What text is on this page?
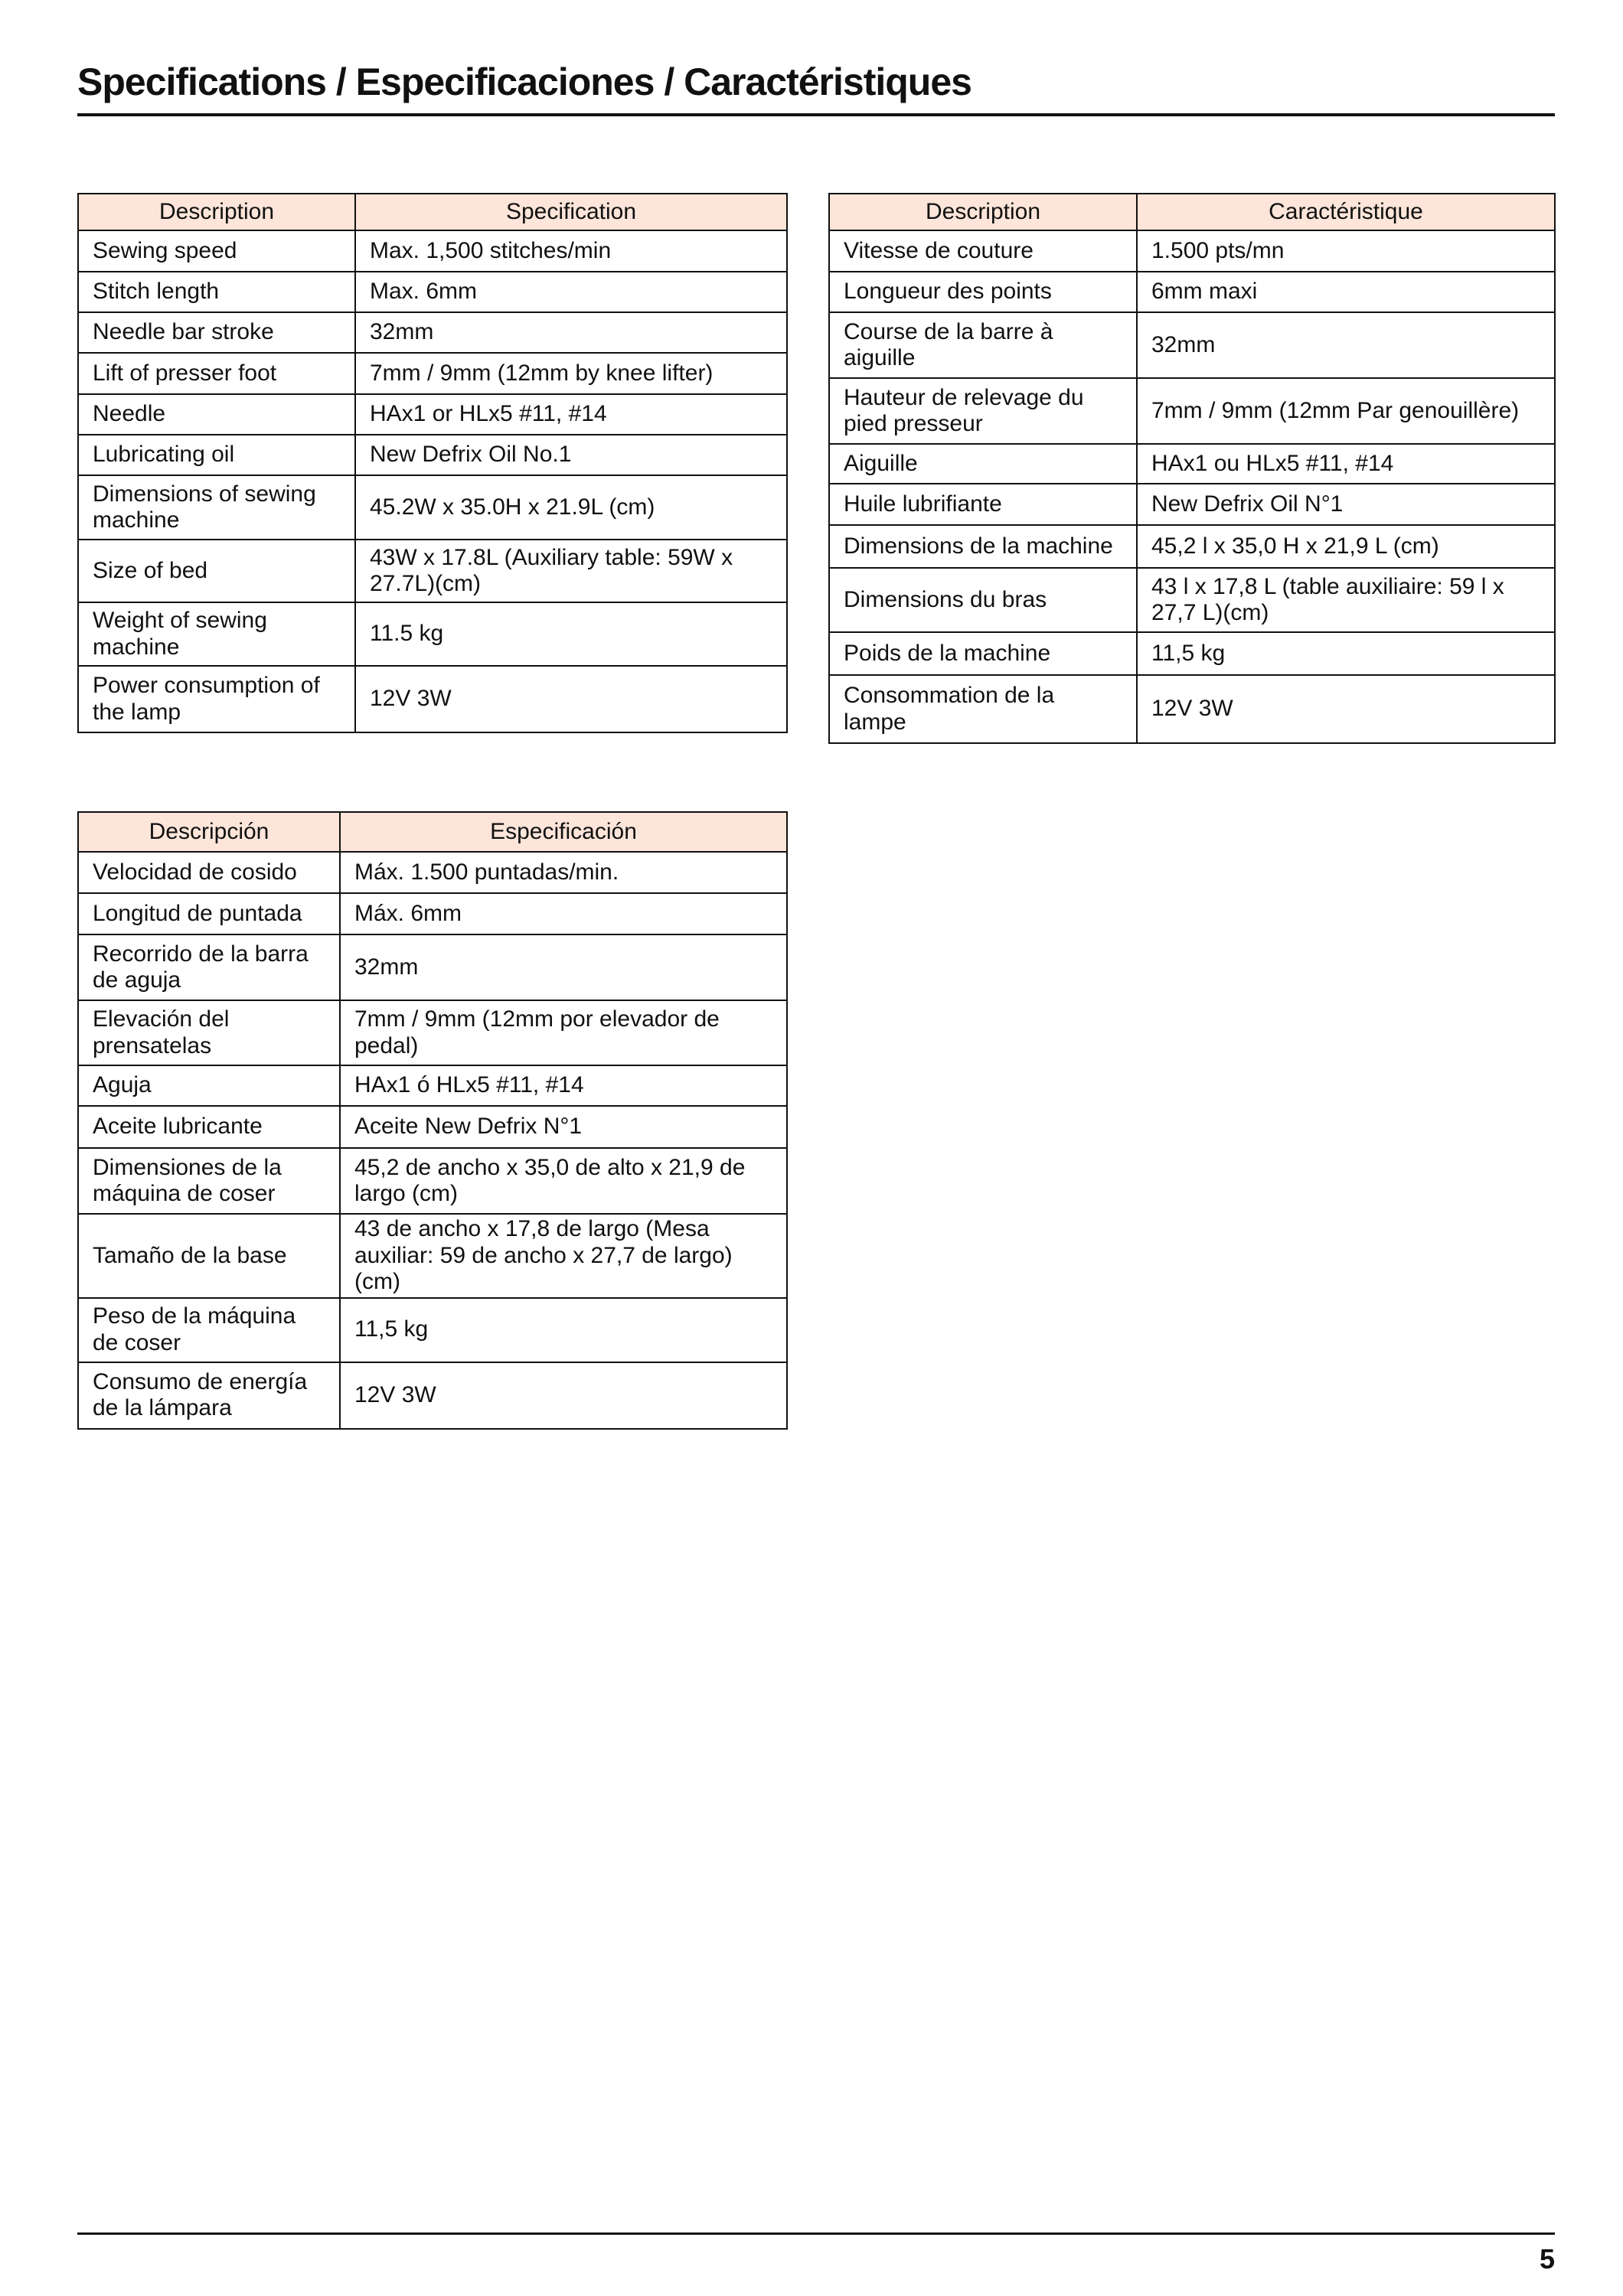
Specifications / Especificaciones / Caractéristiques
Description	Specification
Sewing speed	Max. 1,500 stitches/min
Stitch length	Max. 6mm
Needle bar stroke	32mm
Lift of presser foot	7mm / 9mm (12mm by knee lifter)
Needle	HAx1 or HLx5 #11, #14
Lubricating oil	New Defrix Oil No.1
Dimensions of sewing machine	45.2W x 35.0H x 21.9L (cm)
Size of bed	43W x 17.8L (Auxiliary table: 59W x 27.7L)(cm)
Weight of sewing machine	11.5 kg
Power consumption of the lamp	12V 3W
Description	Caractéristique
Vitesse de couture	1.500 pts/mn
Longueur des points	6mm maxi
Course de la barre à aiguille	32mm
Hauteur de relevage du pied presseur	7mm / 9mm (12mm Par genouillère)
Aiguille	HAx1 ou HLx5 #11, #14
Huile lubrifiante	New Defrix Oil N°1
Dimensions de la machine	45,2 l x 35,0 H x 21,9 L (cm)
Dimensions du bras	43 l x 17,8 L (table auxiliaire: 59 l x 27,7 L)(cm)
Poids de la machine	11,5 kg
Consommation de la lampe	12V 3W
Descripción	Especificación
Velocidad de cosido	Máx. 1.500 puntadas/min.
Longitud de puntada	Máx. 6mm
Recorrido de la barra de aguja	32mm
Elevación del prensatelas	7mm / 9mm (12mm por elevador de pedal)
Aguja	HAx1 ó HLx5 #11, #14
Aceite lubricante	Aceite New Defrix N°1
Dimensiones de la máquina de coser	45,2 de ancho x 35,0 de alto x 21,9 de largo (cm)
Tamaño de la base	43 de ancho x 17,8 de largo (Mesa auxiliar: 59 de ancho x 27,7 de largo)(cm)
Peso de la máquina de coser	11,5 kg
Consumo de energía de la lámpara	12V 3W
5
